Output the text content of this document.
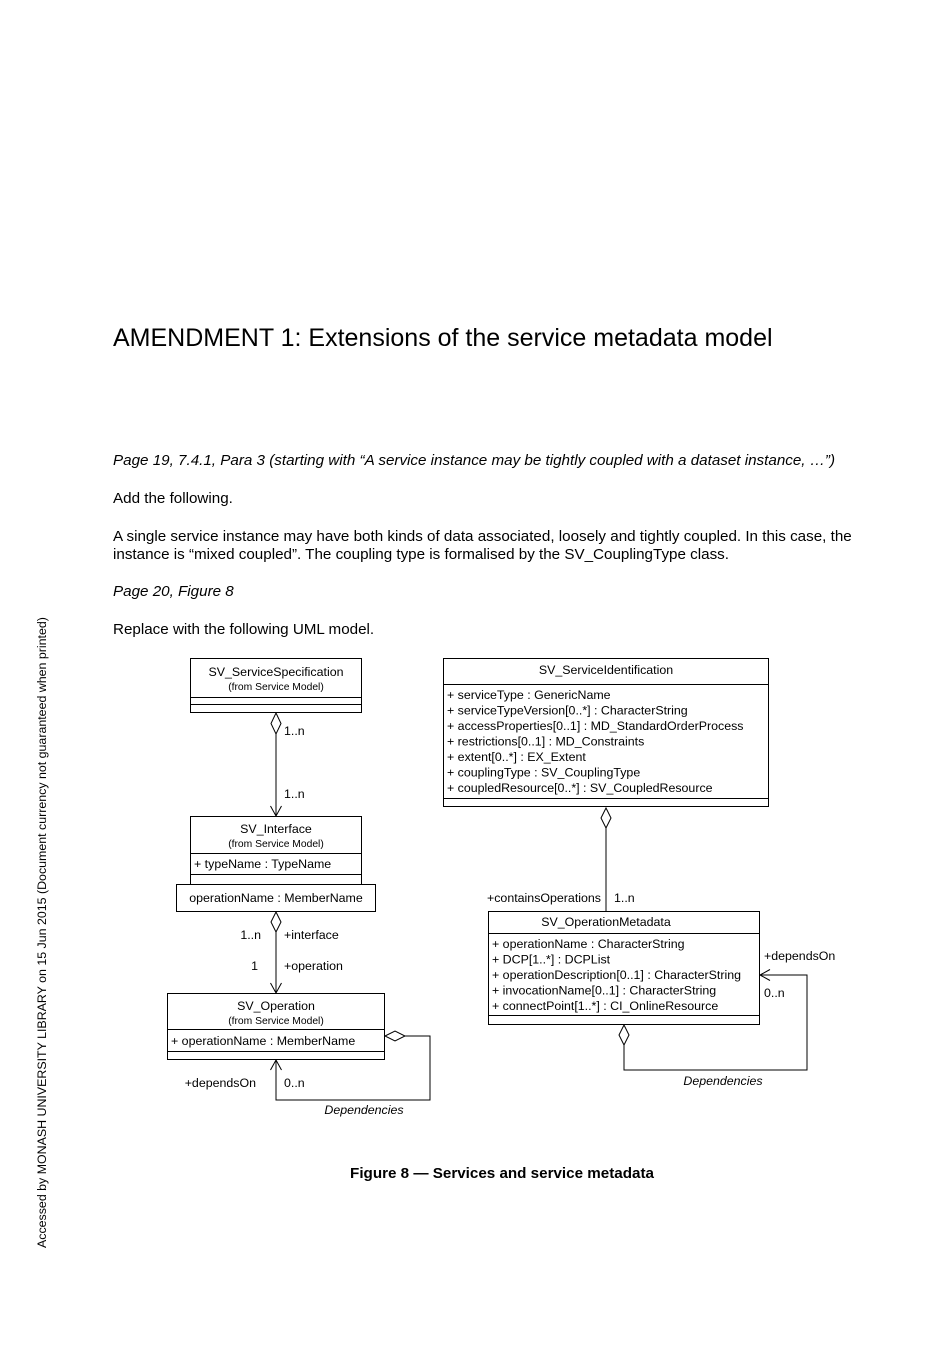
Accessed by MONASH UNIVERSITY LIBRARY on 15 Jun 2015 (Document currency not guaranteed when printed)
AMENDMENT 1: Extensions of the service metadata model
Page 19, 7.4.1, Para 3 (starting with “A service instance may be tightly coupled with a dataset instance, …”)
Add the following.
A single service instance may have both kinds of data associated, loosely and tightly coupled. In this case, the
instance is “mixed coupled”. The coupling type is formalised by the SV_CouplingType class.
Page 20, Figure 8
Replace with the following UML model.
SV_ServiceSpecification
(from Service Model)
SV_Interface
(from Service Model)
+ typeName : TypeName
operationName : MemberName
SV_Operation
(from Service Model)
+ operationName : MemberName
SV_ServiceIdentification
+ serviceType : GenericName
+ serviceTypeVersion[0..*] : CharacterString
+ accessProperties[0..1] : MD_StandardOrderProcess
+ restrictions[0..1] : MD_Constraints
+ extent[0..*] : EX_Extent
+ couplingType : SV_CouplingType
+ coupledResource[0..*] : SV_CoupledResource
SV_OperationMetadata
+ operationName : CharacterString
+ DCP[1..*] : DCPList
+ operationDescription[0..1] : CharacterString
+ invocationName[0..1] : CharacterString
+ connectPoint[1..*] : CI_OnlineResource
1..n
1..n
1..n +interface
1 +operation
+dependsOn 0..n
Dependencies
+containsOperations 1..n
+dependsOn
0..n
Dependencies
Figure 8 — Services and service metadata
